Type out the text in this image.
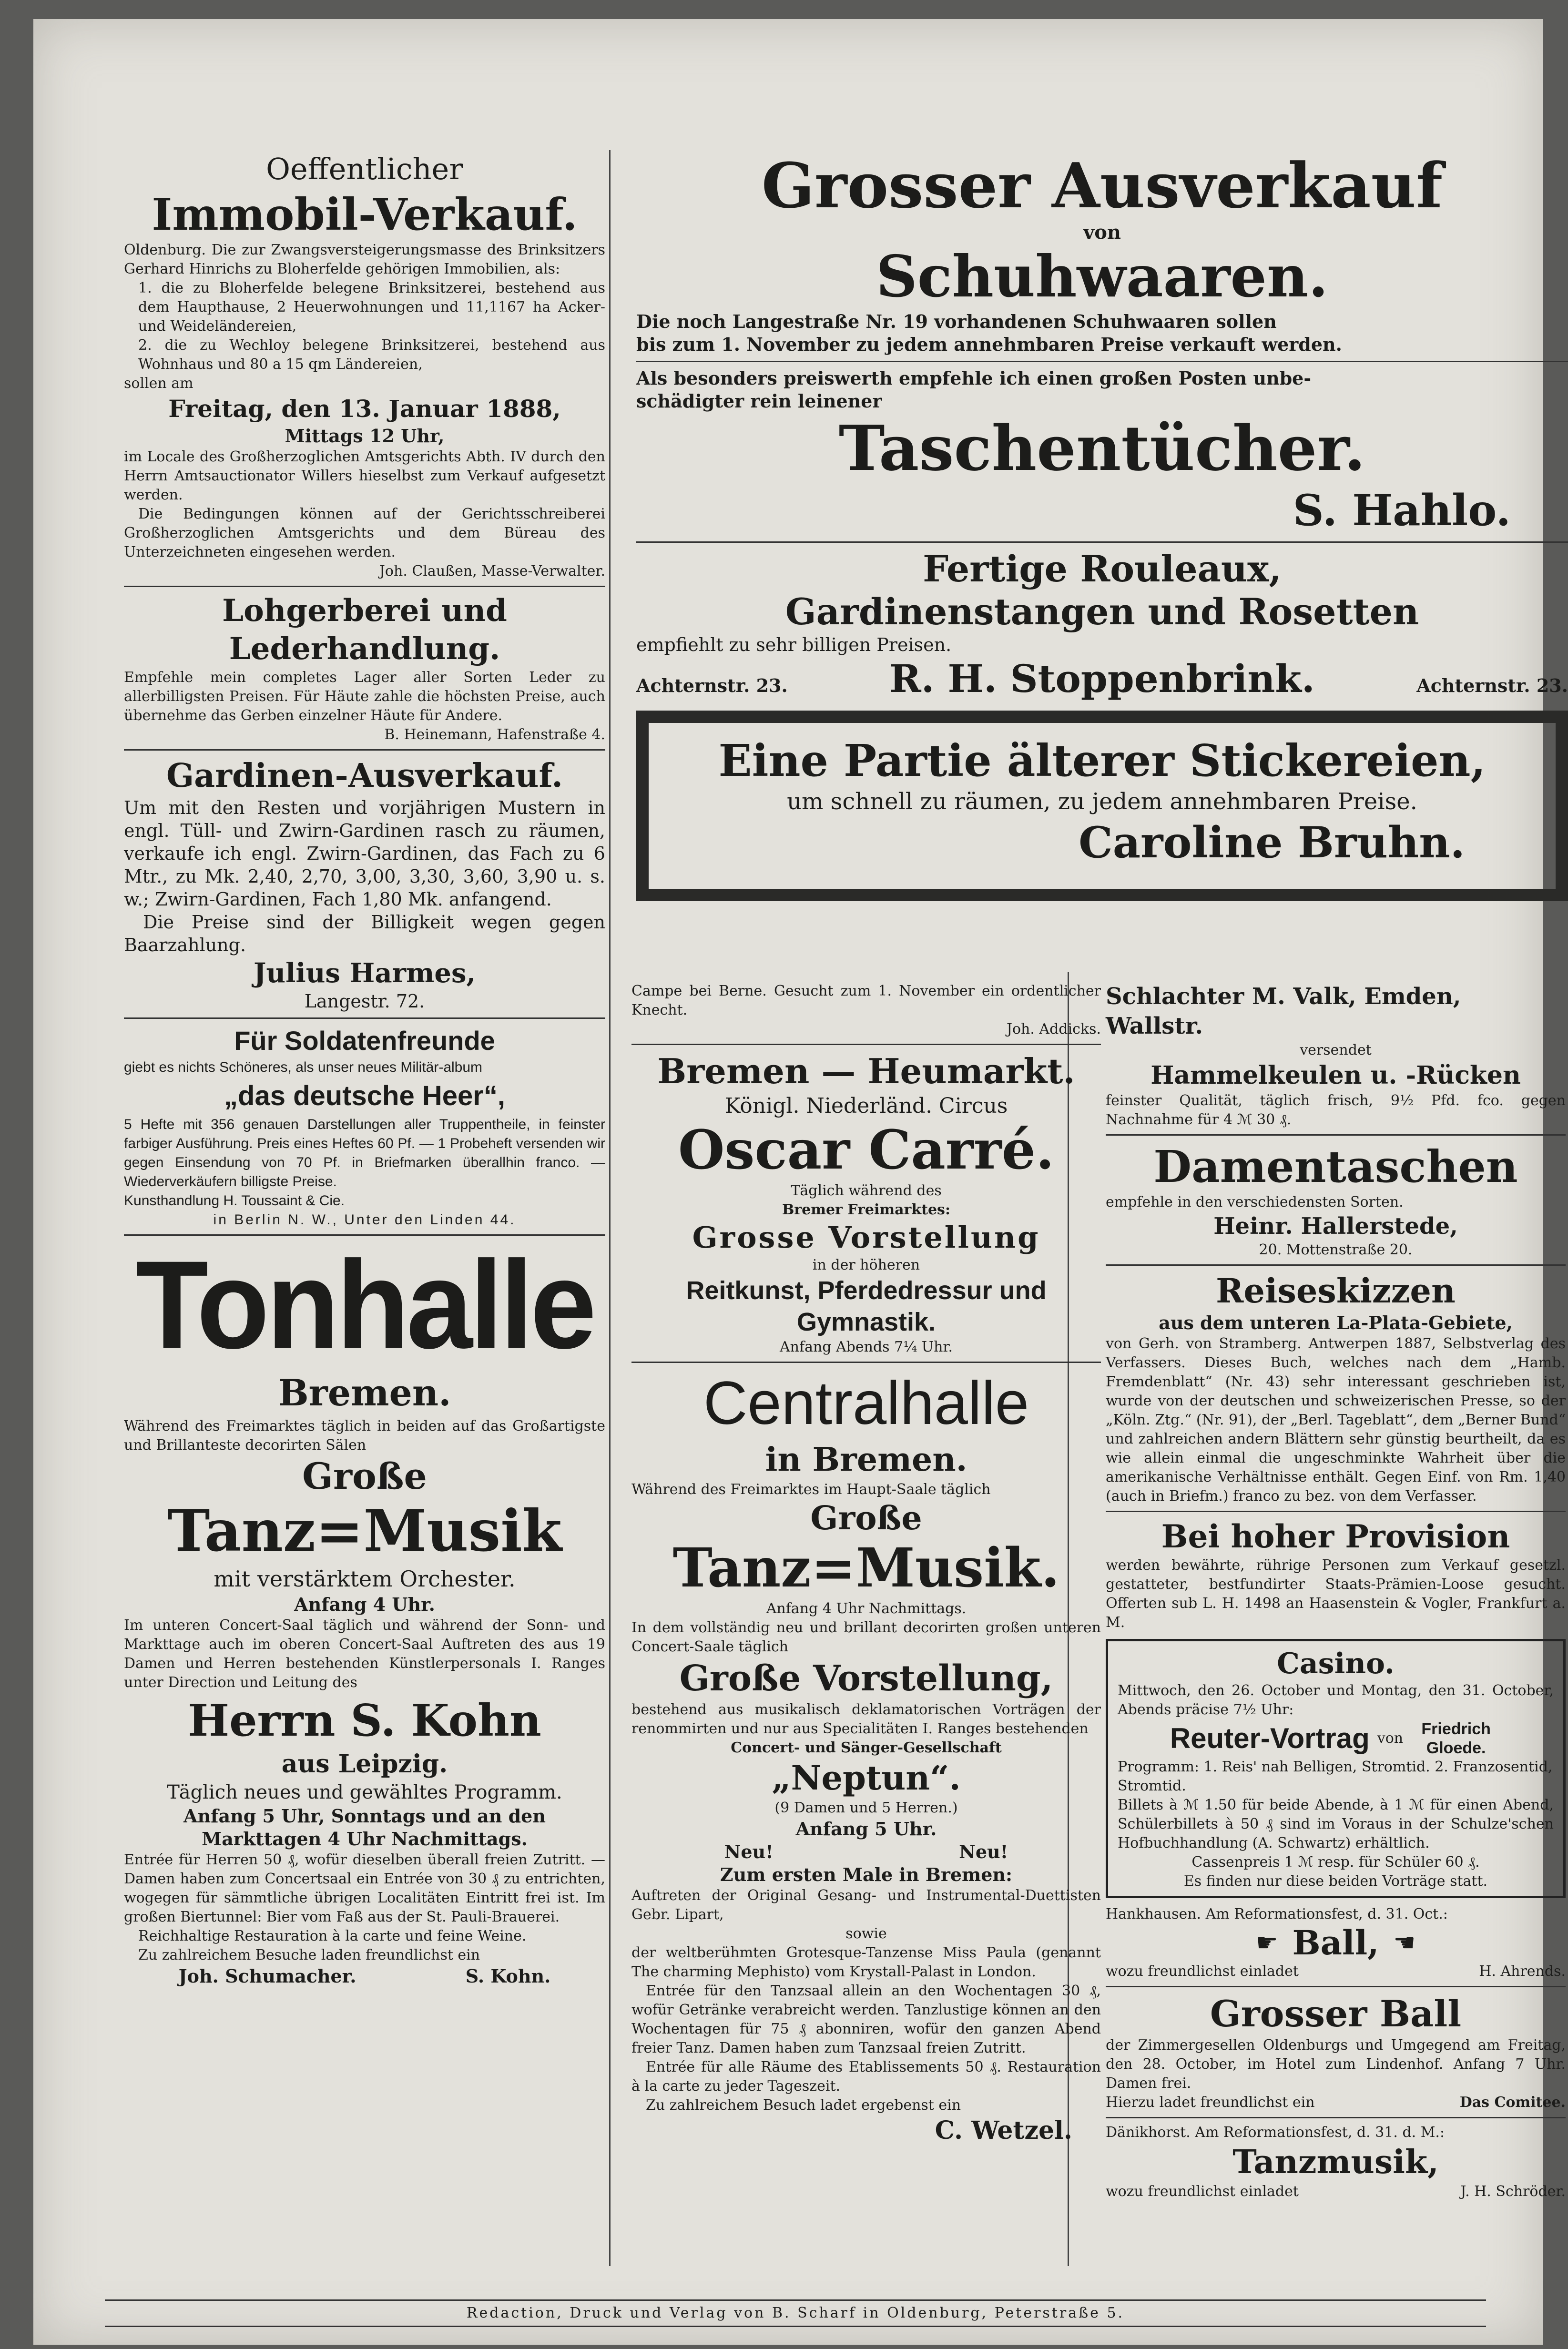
Oeffentlicher

Immobil-Verkauf.

Oldenburg. Die zur Zwangsversteigerungsmasse des Brinksitzers Gerhard Hinrichs zu Bloherfelde gehörigen Immobilien, als:

1. die zu Bloherfelde belegene Brinksitzerei, bestehend aus dem Haupthause, 2 Heuerwohnungen und 11,1167 ha Acker- und Weideländereien,

2. die zu Wechloy belegene Brinksitzerei, bestehend aus Wohnhaus und 80 a 15 qm Ländereien,

sollen am

Freitag, den 13. Januar 1888,

Mittags 12 Uhr,

im Locale des Großherzoglichen Amtsgerichts Abth. IV durch den Herrn Amtsauctionator Willers hieselbst zum Verkauf aufgesetzt werden.

Die Bedingungen können auf der Gerichtsschreiberei Großherzoglichen Amtsgerichts und dem Büreau des Unterzeichneten eingesehen werden.

Joh. Claußen, Masse-Verwalter.

Lohgerberei und Lederhandlung.

Empfehle mein completes Lager aller Sorten Leder zu allerbilligsten Preisen. Für Häute zahle die höchsten Preise, auch übernehme das Gerben einzelner Häute für Andere.

B. Heinemann, Hafenstraße 4.

Gardinen-Ausverkauf.

Um mit den Resten und vorjährigen Mustern in engl. Tüll- und Zwirn-Gardinen rasch zu räumen, verkaufe ich engl. Zwirn-Gardinen, das Fach zu 6 Mtr., zu Mk. 2,40, 2,70, 3,00, 3,30, 3,60, 3,90 u. s. w.; Zwirn-Gardinen, Fach 1,80 Mk. anfangend.

Die Preise sind der Billigkeit wegen gegen Baarzahlung.

Julius Harmes,

Langestr. 72.

Für Soldatenfreunde

giebt es nichts Schöneres, als unser neues Militär-album

„das deutsche Heer“,

5 Hefte mit 356 genauen Darstellungen aller Truppentheile, in feinster farbiger Ausführung. Preis eines Heftes 60 Pf. — 1 Probeheft versenden wir gegen Einsendung von 70 Pf. in Briefmarken überallhin franco. — Wiederverkäufern billigste Preise.

Kunsthandlung H. Toussaint & Cie.

in Berlin N. W., Unter den Linden 44.

Tonhalle

Bremen.

Während des Freimarktes täglich in beiden auf das Großartigste und Brillanteste decorirten Sälen

Große

Tanz=Musik

mit verstärktem Orchester.

Anfang 4 Uhr.

Im unteren Concert-Saal täglich und während der Sonn- und Markttage auch im oberen Concert-Saal Auftreten des aus 19 Damen und Herren bestehenden Künstlerpersonals I. Ranges unter Direction und Leitung des

Herrn S. Kohn

aus Leipzig.

Täglich neues und gewähltes Programm.

Anfang 5 Uhr, Sonntags und an den Markttagen 4 Uhr Nachmittags.

Entrée für Herren 50 ₰, wofür dieselben überall freien Zutritt. — Damen haben zum Concertsaal ein Entrée von 30 ₰ zu entrichten, wogegen für sämmtliche übrigen Localitäten Eintritt frei ist. Im großen Biertunnel: Bier vom Faß aus der St. Pauli-Brauerei.

Reichhaltige Restauration à la carte und feine Weine.

Zu zahlreichem Besuche laden freundlichst ein

Joh. Schumacher.	S. Kohn.

Grosser Ausverkauf

von

Schuhwaaren.

Die noch Langestraße Nr. 19 vorhandenen Schuhwaaren sollen

bis zum 1. November zu jedem annehmbaren Preise verkauft werden.

Als besonders preiswerth empfehle ich einen großen Posten unbe-

schädigter rein leinener

Taschentücher.

S. Hahlo.

Fertige Rouleaux,

Gardinenstangen und Rosetten

empfiehlt zu sehr billigen Preisen.

Achternstr. 23.	R. H. Stoppenbrink.	Achternstr. 23.

Eine Partie älterer Stickereien,

um schnell zu räumen, zu jedem annehmbaren Preise.

Caroline Bruhn.

Campe bei Berne. Gesucht zum 1. November ein ordentlicher Knecht.

Joh. Addicks.

Bremen — Heumarkt.

Königl. Niederländ. Circus

Oscar Carré.

Täglich während des

Bremer Freimarktes:

Grosse Vorstellung

in der höheren

Reitkunst, Pferdedressur und Gymnastik.

Anfang Abends 7¼ Uhr.

Centralhalle

in Bremen.

Während des Freimarktes im Haupt-Saale täglich

Große

Tanz=Musik.

Anfang 4 Uhr Nachmittags.

In dem vollständig neu und brillant decorirten großen unteren Concert-Saale täglich

Große Vorstellung,

bestehend aus musikalisch deklamatorischen Vorträgen der renommirten und nur aus Specialitäten I. Ranges bestehenden

Concert- und Sänger-Gesellschaft

„Neptun“.

(9 Damen und 5 Herren.)

Anfang 5 Uhr.

Neu!	Neu!

Zum ersten Male in Bremen:

Auftreten der Original Gesang- und Instrumental-Duettisten Gebr. Lipart,

sowie

der weltberühmten Grotesque-Tanzense Miss Paula (genannt The charming Mephisto) vom Krystall-Palast in London.

Entrée für den Tanzsaal allein an den Wochentagen 30 ₰, wofür Getränke verabreicht werden. Tanzlustige können an den Wochentagen für 75 ₰ abonniren, wofür den ganzen Abend freier Tanz. Damen haben zum Tanzsaal freien Zutritt.

Entrée für alle Räume des Etablissements 50 ₰. Restauration à la carte zu jeder Tageszeit.

Zu zahlreichem Besuch ladet ergebenst ein

C. Wetzel.

Schlachter M. Valk, Emden, Wallstr.

versendet

Hammelkeulen u. -Rücken

feinster Qualität, täglich frisch, 9½ Pfd. fco. gegen Nachnahme für 4 ℳ 30 ₰.

Damentaschen

empfehle in den verschiedensten Sorten.

Heinr. Hallerstede,

20. Mottenstraße 20.

Reiseskizzen

aus dem unteren La-Plata-Gebiete,

von Gerh. von Stramberg. Antwerpen 1887, Selbstverlag des Verfassers. Dieses Buch, welches nach dem „Hamb. Fremdenblatt“ (Nr. 43) sehr interessant geschrieben ist, wurde von der deutschen und schweizerischen Presse, so der „Köln. Ztg.“ (Nr. 91), der „Berl. Tageblatt“, dem „Berner Bund“ und zahlreichen andern Blättern sehr günstig beurtheilt, da es wie allein einmal die ungeschminkte Wahrheit über die amerikanische Verhältnisse enthält. Gegen Einf. von Rm. 1,40 (auch in Briefm.) franco zu bez. von dem Verfasser.

Bei hoher Provision

werden bewährte, rührige Personen zum Verkauf gesetzl. gestatteter, bestfundirter Staats-Prämien-Loose gesucht. Offerten sub L. H. 1498 an Haasenstein & Vogler, Frankfurt a. M.

Casino.

Mittwoch, den 26. October und Montag, den 31. October, Abends präcise 7½ Uhr:

Reuter-Vortrag von
Friedrich Gloede.

Programm: 1. Reis' nah Belligen, Stromtid. 2. Franzosentid, Stromtid.

Billets à ℳ 1.50 für beide Abende, à 1 ℳ für einen Abend, Schülerbillets à 50 ₰ sind im Voraus in der Schulze'schen Hofbuchhandlung (A. Schwartz) erhältlich.

Cassenpreis 1 ℳ resp. für Schüler 60 ₰.

Es finden nur diese beiden Vorträge statt.

Hankhausen. Am Reformationsfest, d. 31. Oct.:

☛ Ball, ☚
wozu freundlichst einladet	H. Ahrends.

Grosser Ball

der Zimmergesellen Oldenburgs und Umgegend am Freitag, den 28. October, im Hotel zum Lindenhof. Anfang 7 Uhr. Damen frei.

Hierzu ladet freundlichst ein	Das Comitee.

Dänikhorst. Am Reformationsfest, d. 31. d. M.:

Tanzmusik,

wozu freundlichst einladet	J. H. Schröder.

Redaction, Druck und Verlag von B. Scharf in Oldenburg, Peterstraße 5.
